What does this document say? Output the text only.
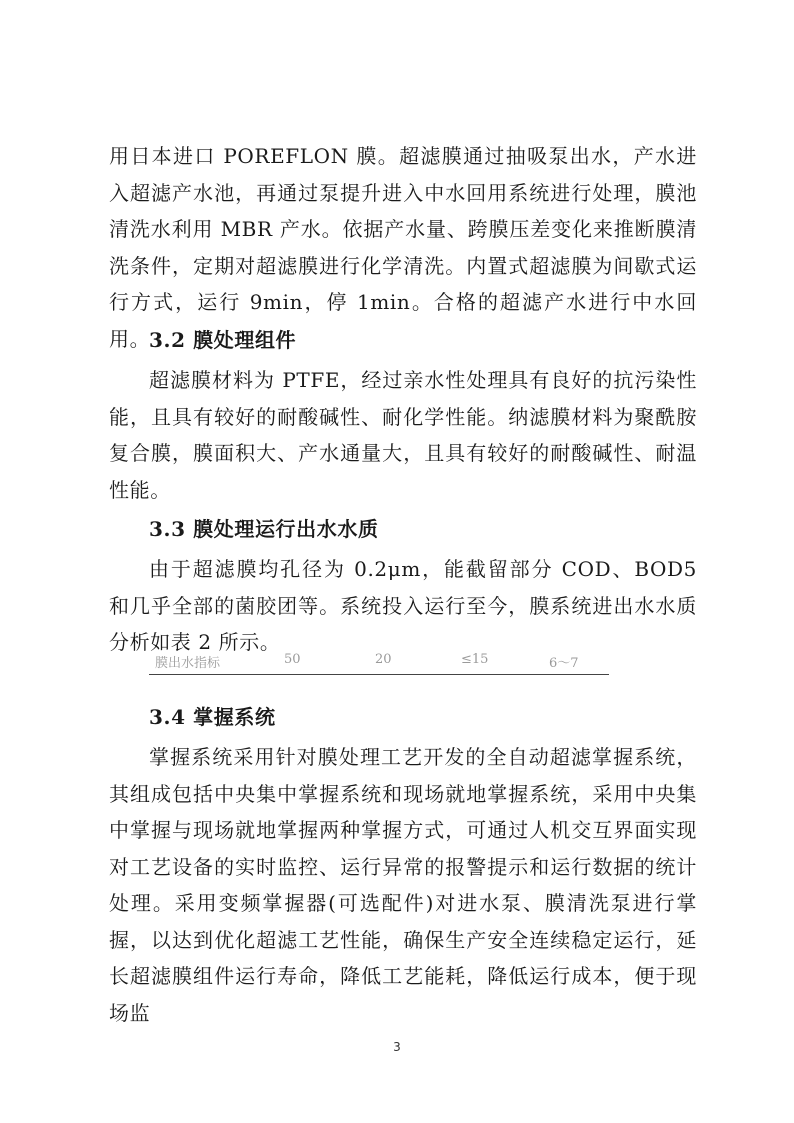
用日本进口 POREFLON 膜。超滤膜通过抽吸泵出水，产水进入超滤产水池，再通过泵提升进入中水回用系统进行处理，膜池清洗水利用 MBR 产水。依据产水量、跨膜压差变化来推断膜清洗条件，定期对超滤膜进行化学清洗。内置式超滤膜为间歇式运行方式，运行 9min，停 1min。合格的超滤产水进行中水回用。

3.2 膜处理组件

超滤膜材料为 PTFE，经过亲水性处理具有良好的抗污染性能，且具有较好的耐酸碱性、耐化学性能。纳滤膜材料为聚酰胺复合膜，膜面积大、产水通量大，且具有较好的耐酸碱性、耐温性能。

3.3 膜处理运行出水水质

由于超滤膜均孔径为 0.2μm，能截留部分 COD、BOD5 和几乎全部的菌胶团等。系统投入运行至今，膜系统进出水水质分析如表 2 所示。

膜出水指标	50	20	≤15	6～7
3.4 掌握系统

掌握系统采用针对膜处理工艺开发的全自动超滤掌握系统，其组成包括中央集中掌握系统和现场就地掌握系统，采用中央集中掌握与现场就地掌握两种掌握方式，可通过人机交互界面实现对工艺设备的实时监控、运行异常的报警提示和运行数据的统计处理。采用变频掌握器(可选配件)对进水泵、膜清洗泵进行掌握，以达到优化超滤工艺性能，确保生产安全连续稳定运行，延长超滤膜组件运行寿命，降低工艺能耗，降低运行成本，便于现场监

3
